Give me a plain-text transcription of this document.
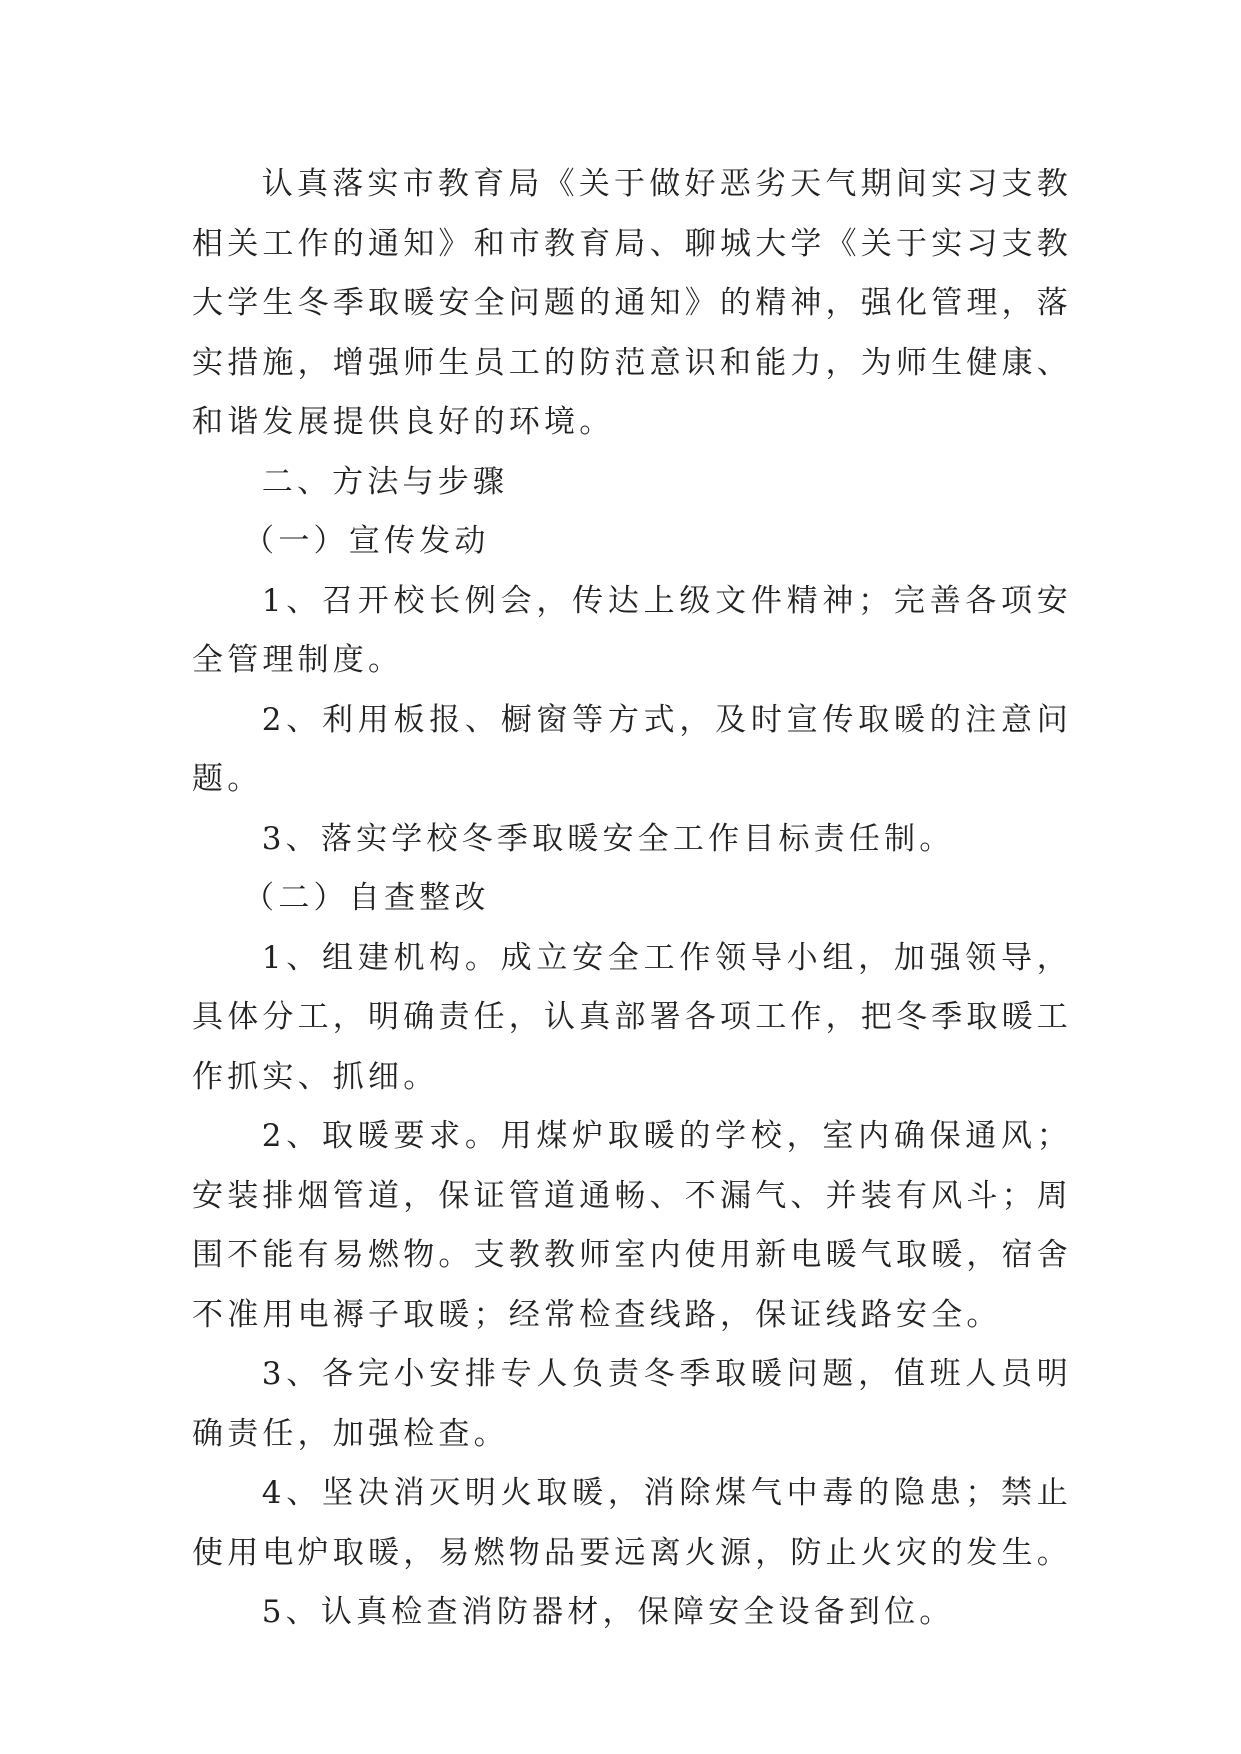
认真落实市教育局《关于做好恶劣天气期间实习支教相关工作的通知》和市教育局、聊城大学《关于实习支教大学生冬季取暖安全问题的通知》的精神，强化管理，落实措施，增强师生员工的防范意识和能力，为师生健康、和谐发展提供良好的环境。

二、方法与步骤

（一）宣传发动

1、召开校长例会，传达上级文件精神；完善各项安全管理制度。

2、利用板报、橱窗等方式，及时宣传取暖的注意问题。

3、落实学校冬季取暖安全工作目标责任制。

（二）自查整改

1、组建机构。成立安全工作领导小组，加强领导，具体分工，明确责任，认真部署各项工作，把冬季取暖工作抓实、抓细。

2、取暖要求。用煤炉取暖的学校，室内确保通风；安装排烟管道，保证管道通畅、不漏气、并装有风斗；周围不能有易燃物。支教教师室内使用新电暖气取暖，宿舍不准用电褥子取暖；经常检查线路，保证线路安全。

3、各完小安排专人负责冬季取暖问题，值班人员明确责任，加强检查。

4、坚决消灭明火取暖，消除煤气中毒的隐患；禁止使用电炉取暖，易燃物品要远离火源，防止火灾的发生。

5、认真检查消防器材，保障安全设备到位。
